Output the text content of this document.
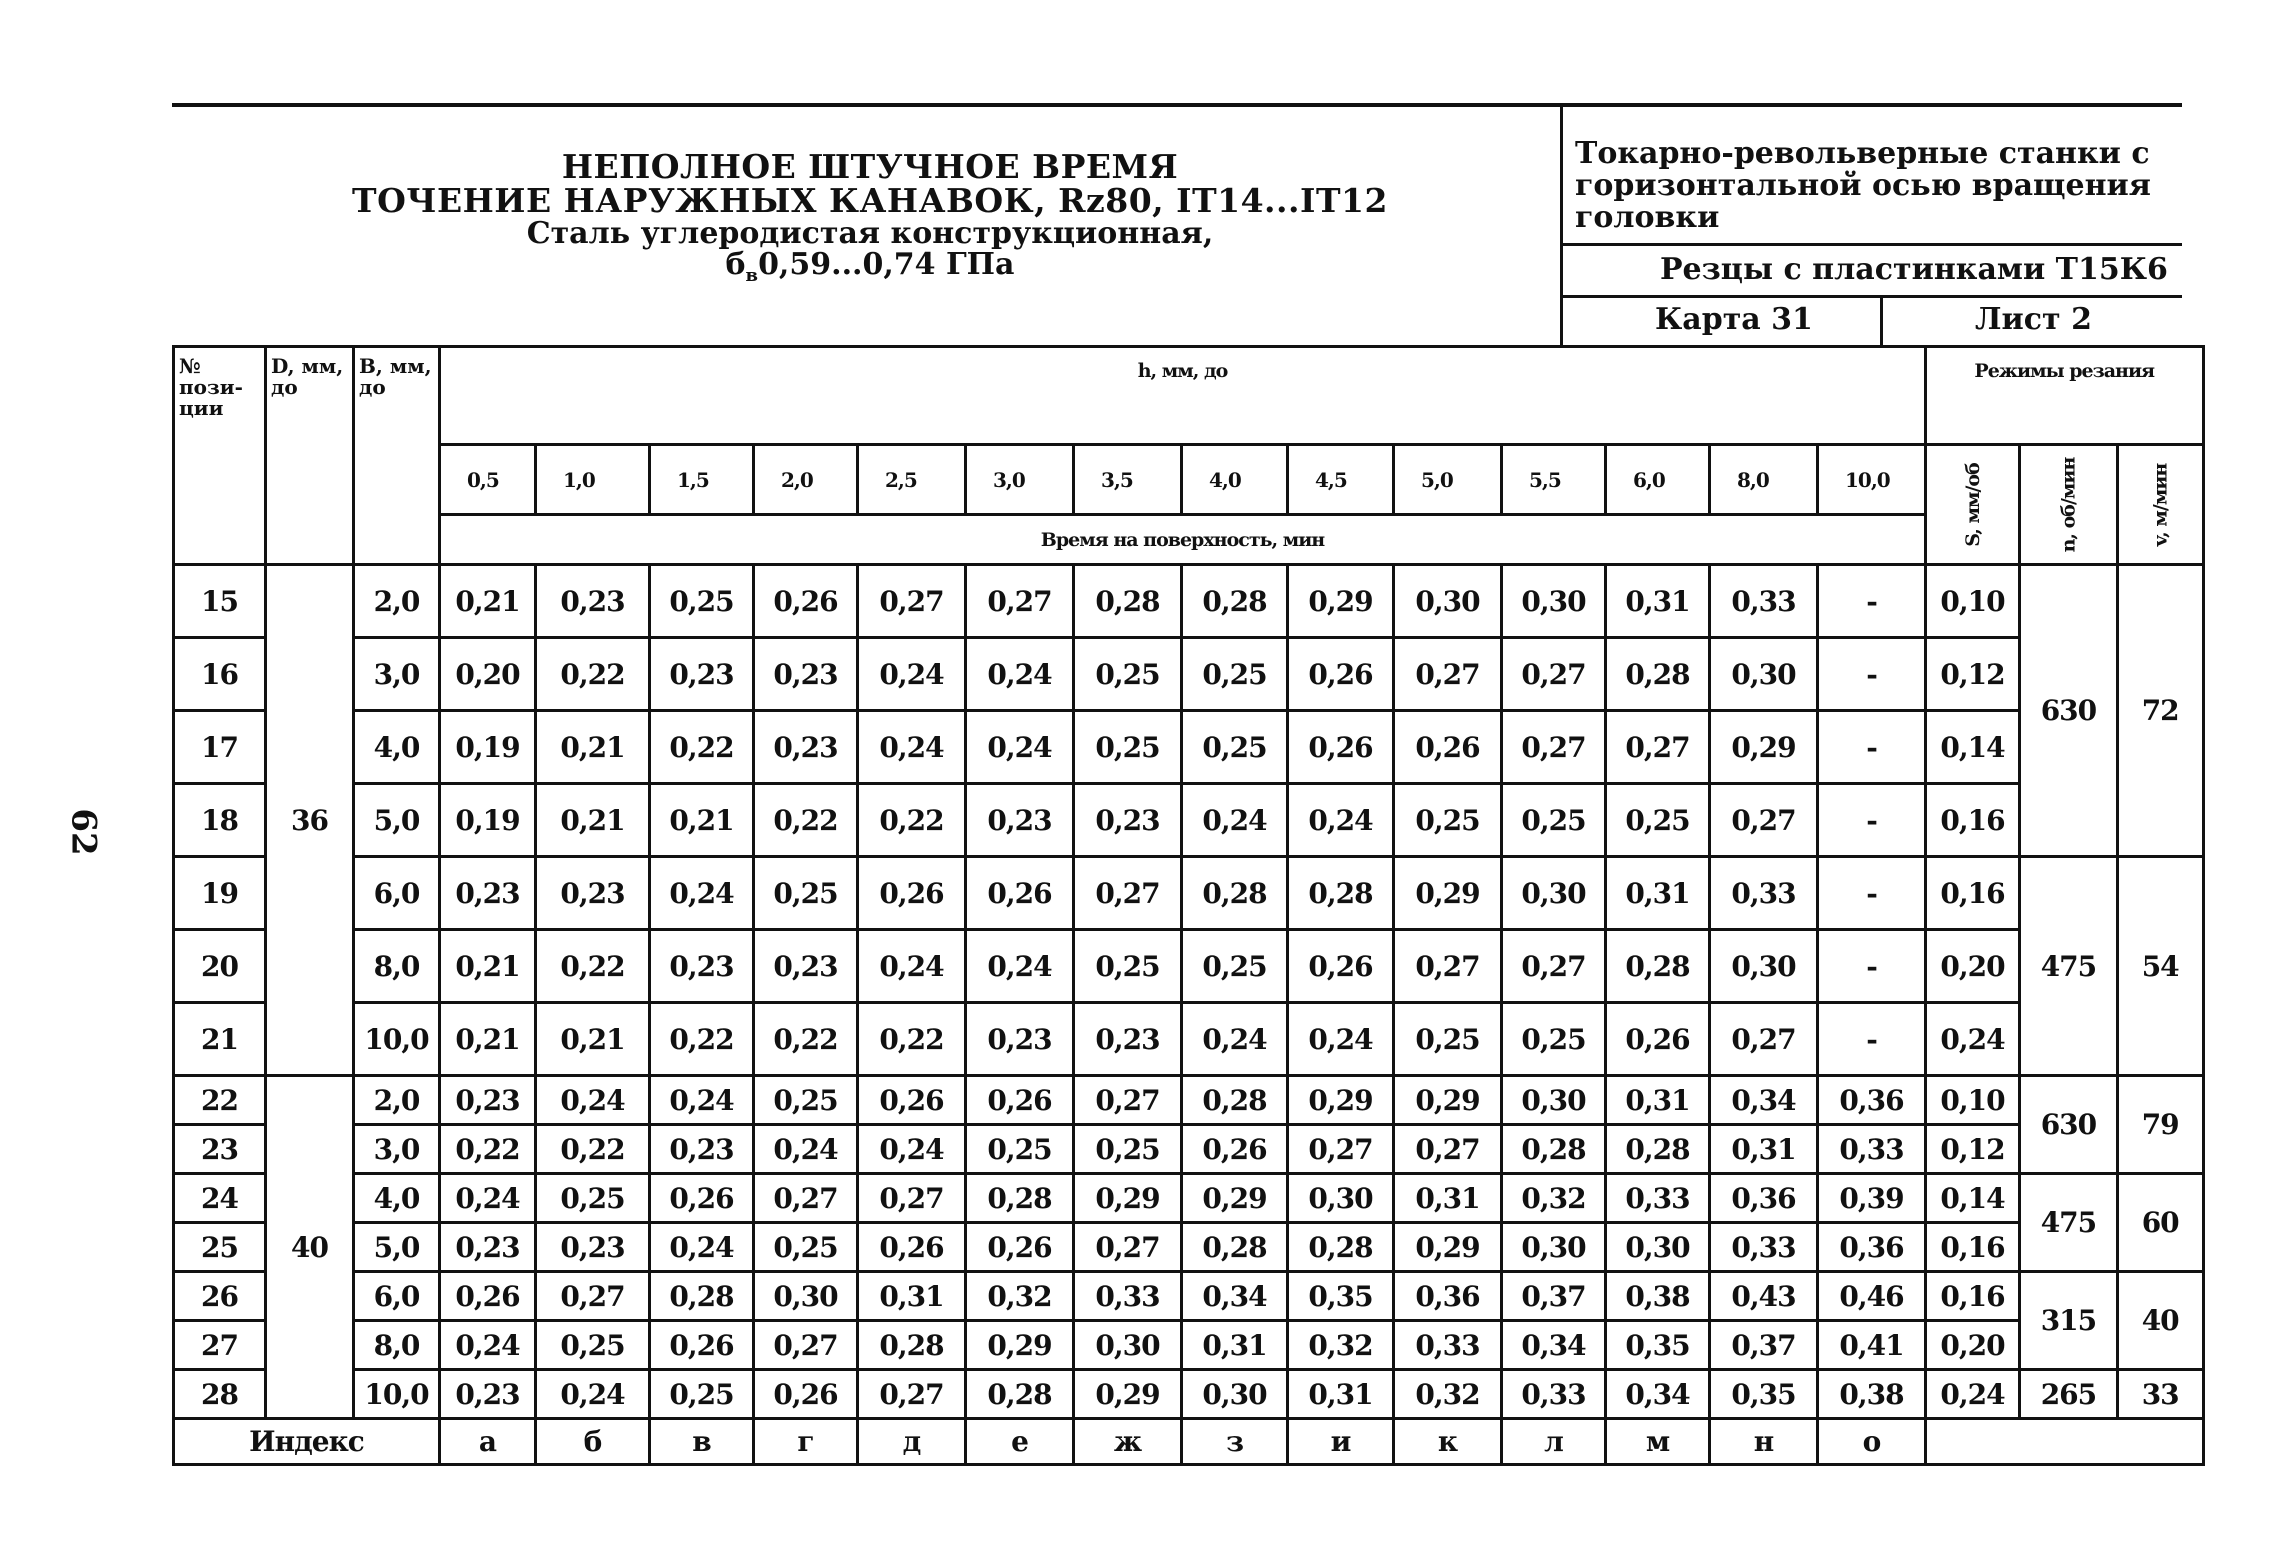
62
НЕПОЛНОЕ ШТУЧНОЕ ВРЕМЯ
ТОЧЕНИЕ НАРУЖНЫХ КАНАВОК, Rz80, IT14...IT12
Сталь углеродистая конструкционная,
$б_в0,59...0,74$ ГПа
Токарно-револьверные станки с
горизонтальной осью вращения головки
Резцы с пластинками Т15К6
Карта 31	Лист 2
№ пози-ции	D, мм, до	B, мм, до	h, мм, до														Режимы резания		
			0,5	1,0	1,5	2,0	2,5	3,0	3,5	4,0	4,5	5,0	5,5	6,0	8,0	10,0	S, мм/об	n, об/мин	v, м/мин
			Время на поверхность, мин																
15	36	2,0	0,21	0,23	0,25	0,26	0,27	0,27	0,28	0,28	0,29	0,30	0,30	0,31	0,33	-	0,10	630	72
16		3,0	0,20	0,22	0,23	0,23	0,24	0,24	0,25	0,25	0,26	0,27	0,27	0,28	0,30	-	0,12		
17		4,0	0,19	0,21	0,22	0,23	0,24	0,24	0,25	0,25	0,26	0,26	0,27	0,27	0,29	-	0,14		
18		5,0	0,19	0,21	0,21	0,22	0,22	0,23	0,23	0,24	0,24	0,25	0,25	0,25	0,27	-	0,16		
19		6,0	0,23	0,23	0,24	0,25	0,26	0,26	0,27	0,28	0,28	0,29	0,30	0,31	0,33	-	0,16	475	54
20		8,0	0,21	0,22	0,23	0,23	0,24	0,24	0,25	0,25	0,26	0,27	0,27	0,28	0,30	-	0,20		
21		10,0	0,21	0,21	0,22	0,22	0,22	0,23	0,23	0,24	0,24	0,25	0,25	0,26	0,27	-	0,24		
22	40	2,0	0,23	0,24	0,24	0,25	0,26	0,26	0,27	0,28	0,29	0,29	0,30	0,31	0,34	0,36	0,10	630	79
23		3,0	0,22	0,22	0,23	0,24	0,24	0,25	0,25	0,26	0,27	0,27	0,28	0,28	0,31	0,33	0,12		
24		4,0	0,24	0,25	0,26	0,27	0,27	0,28	0,29	0,29	0,30	0,31	0,32	0,33	0,36	0,39	0,14	475	60
25		5,0	0,23	0,23	0,24	0,25	0,26	0,26	0,27	0,28	0,28	0,29	0,30	0,30	0,33	0,36	0,16		
26		6,0	0,26	0,27	0,28	0,30	0,31	0,32	0,33	0,34	0,35	0,36	0,37	0,38	0,43	0,46	0,16	315	40
27		8,0	0,24	0,25	0,26	0,27	0,28	0,29	0,30	0,31	0,32	0,33	0,34	0,35	0,37	0,41	0,20		
28		10,0	0,23	0,24	0,25	0,26	0,27	0,28	0,29	0,30	0,31	0,32	0,33	0,34	0,35	0,38	0,24	265	33
Индекс			а	б	в	г	д	е	ж	з	и	к	л	м	н	о			
